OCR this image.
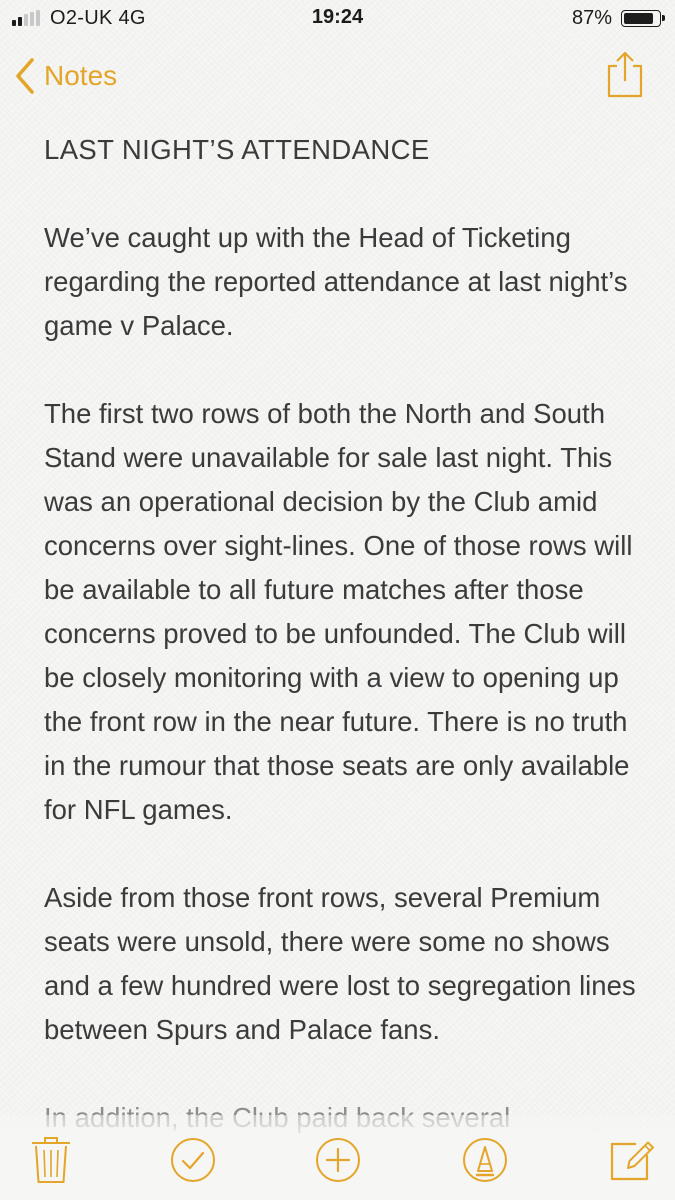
O2-UK 4G	19:24	87%
Notes
LAST NIGHT’S ATTENDANCE

We’ve caught up with the Head of Ticketing regarding the reported attendance at last night’s game v Palace.

The first two rows of both the North and South Stand were unavailable for sale last night. This was an operational decision by the Club amid concerns over sight-lines. One of those rows will be available to all future matches after those concerns proved to be unfounded. The Club will be closely monitoring with a view to opening up the front row in the near future. There is no truth in the rumour that those seats are only available for NFL games.

Aside from those front rows, several Premium seats were unsold, there were some no shows and a few hundred were lost to segregation lines between Spurs and Palace fans.
